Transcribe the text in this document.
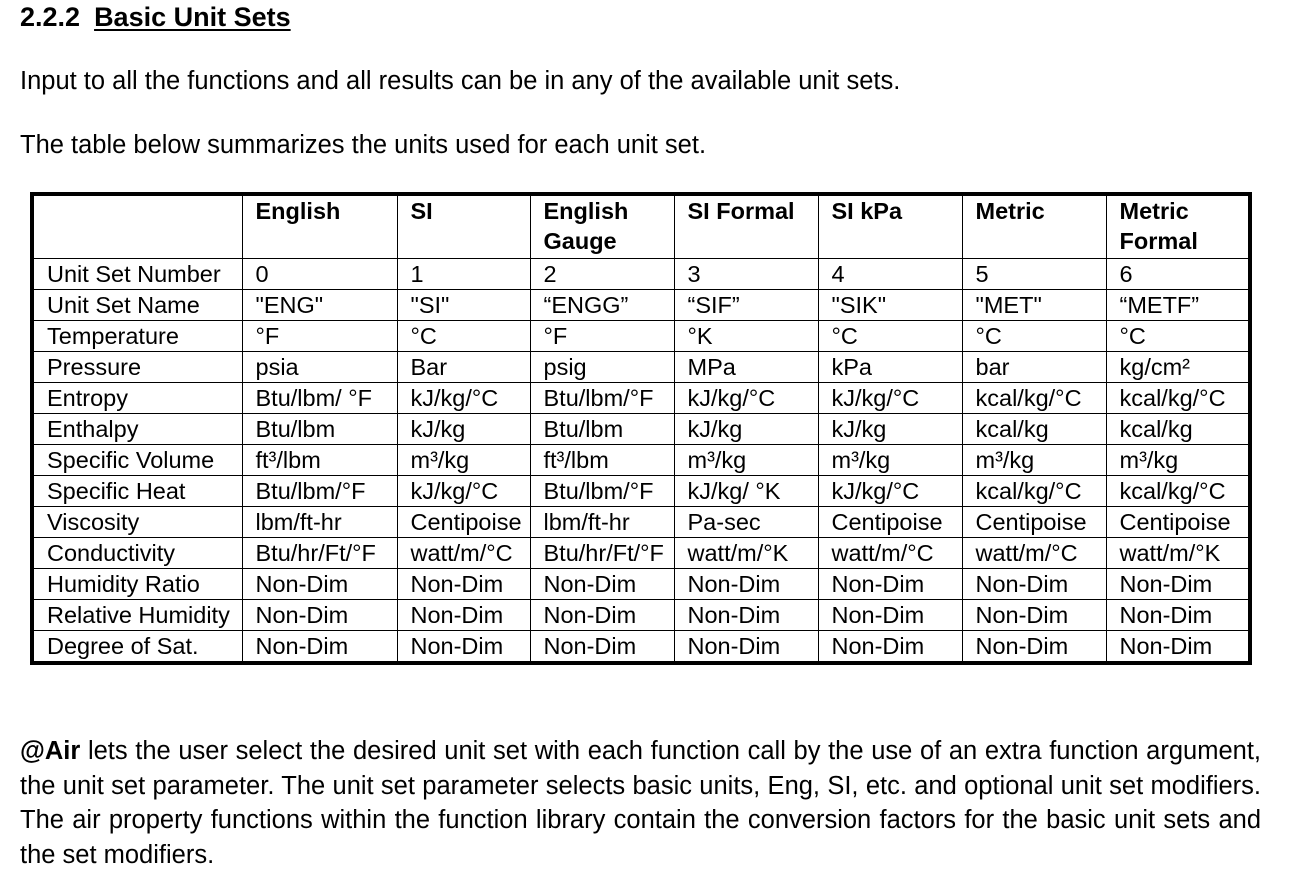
2.2.2 Basic Unit Sets
Input to all the functions and all results can be in any of the available unit sets.
The table below summarizes the units used for each unit set.
	English	SI	English Gauge	SI Formal	SI kPa	Metric	Metric Formal
Unit Set Number	0	1	2	3	4	5	6
Unit Set Name	"ENG"	"SI"	“ENGG”	“SIF”	"SIK"	"MET"	“METF”
Temperature	°F	°C	°F	°K	°C	°C	°C
Pressure	psia	Bar	psig	MPa	kPa	bar	kg/cm²
Entropy	Btu/lbm/ °F	kJ/kg/°C	Btu/lbm/°F	kJ/kg/°C	kJ/kg/°C	kcal/kg/°C	kcal/kg/°C
Enthalpy	Btu/lbm	kJ/kg	Btu/lbm	kJ/kg	kJ/kg	kcal/kg	kcal/kg
Specific Volume	ft³/lbm	m³/kg	ft³/lbm	m³/kg	m³/kg	m³/kg	m³/kg
Specific Heat	Btu/lbm/°F	kJ/kg/°C	Btu/lbm/°F	kJ/kg/ °K	kJ/kg/°C	kcal/kg/°C	kcal/kg/°C
Viscosity	lbm/ft-hr	Centipoise	lbm/ft-hr	Pa-sec	Centipoise	Centipoise	Centipoise
Conductivity	Btu/hr/Ft/°F	watt/m/°C	Btu/hr/Ft/°F	watt/m/°K	watt/m/°C	watt/m/°C	watt/m/°K
Humidity Ratio	Non-Dim	Non-Dim	Non-Dim	Non-Dim	Non-Dim	Non-Dim	Non-Dim
Relative Humidity	Non-Dim	Non-Dim	Non-Dim	Non-Dim	Non-Dim	Non-Dim	Non-Dim
Degree of Sat.	Non-Dim	Non-Dim	Non-Dim	Non-Dim	Non-Dim	Non-Dim	Non-Dim
@Air lets the user select the desired unit set with each function call by the use of an extra function argument, the unit set parameter. The unit set parameter selects basic units, Eng, SI, etc. and optional unit set modifiers. The air property functions within the function library contain the conversion factors for the basic unit sets and the set modifiers.
